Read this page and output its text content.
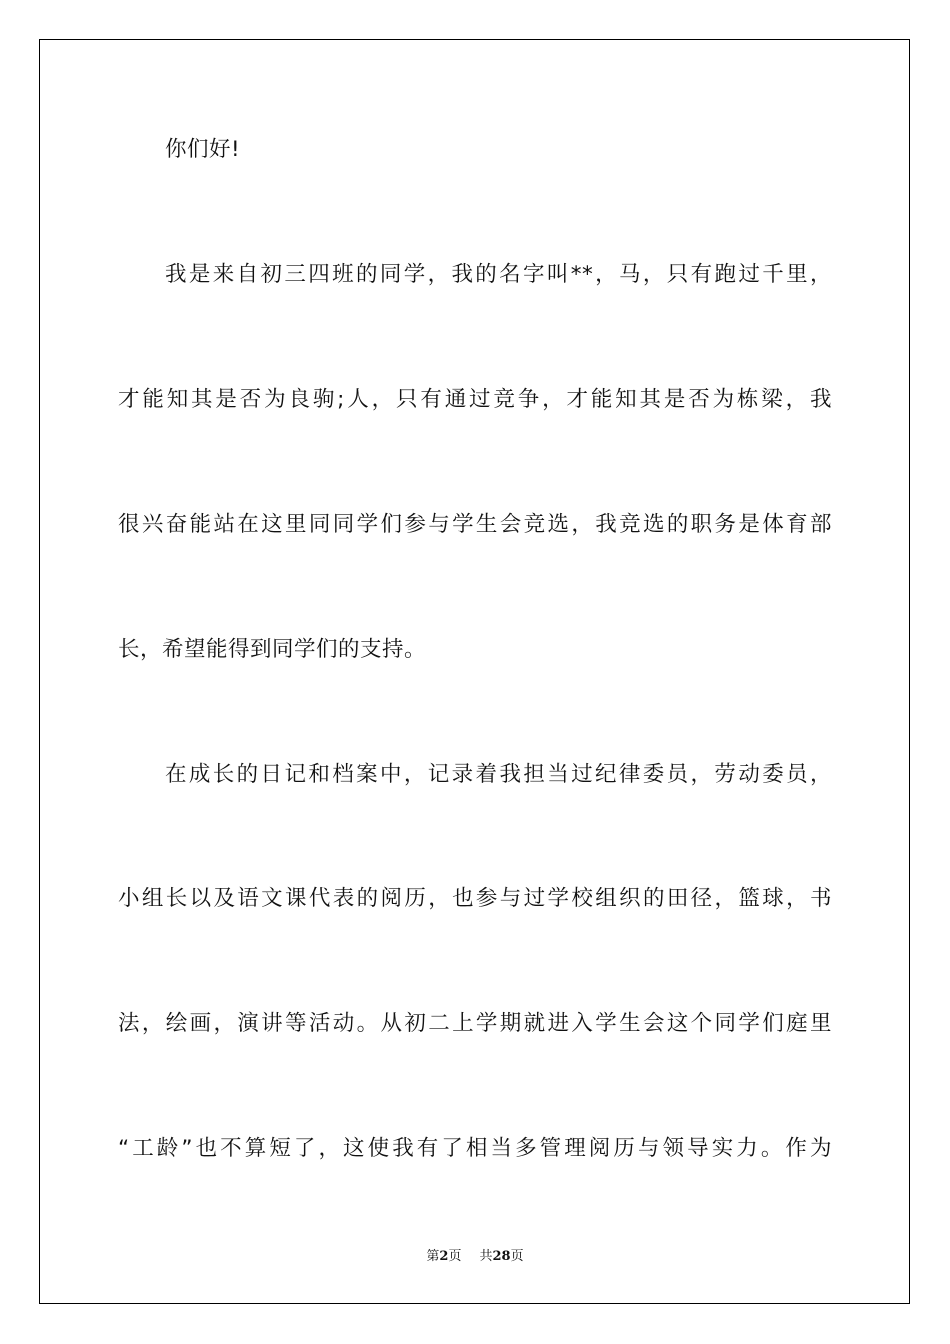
你们好!
我是来自初三四班的同学，我的名字叫**，马，只有跑过千里，
才能知其是否为良驹;人，只有通过竞争，才能知其是否为栋梁，我
很兴奋能站在这里同同学们参与学生会竞选，我竞选的职务是体育部
长，希望能得到同学们的支持。
在成长的日记和档案中，记录着我担当过纪律委员，劳动委员，
小组长以及语文课代表的阅历，也参与过学校组织的田径，篮球，书
法，绘画，演讲等活动。从初二上学期就进入学生会这个同学们庭里
“工龄”也不算短了，这使我有了相当多管理阅历与领导实力。作为
第2页 共28页
